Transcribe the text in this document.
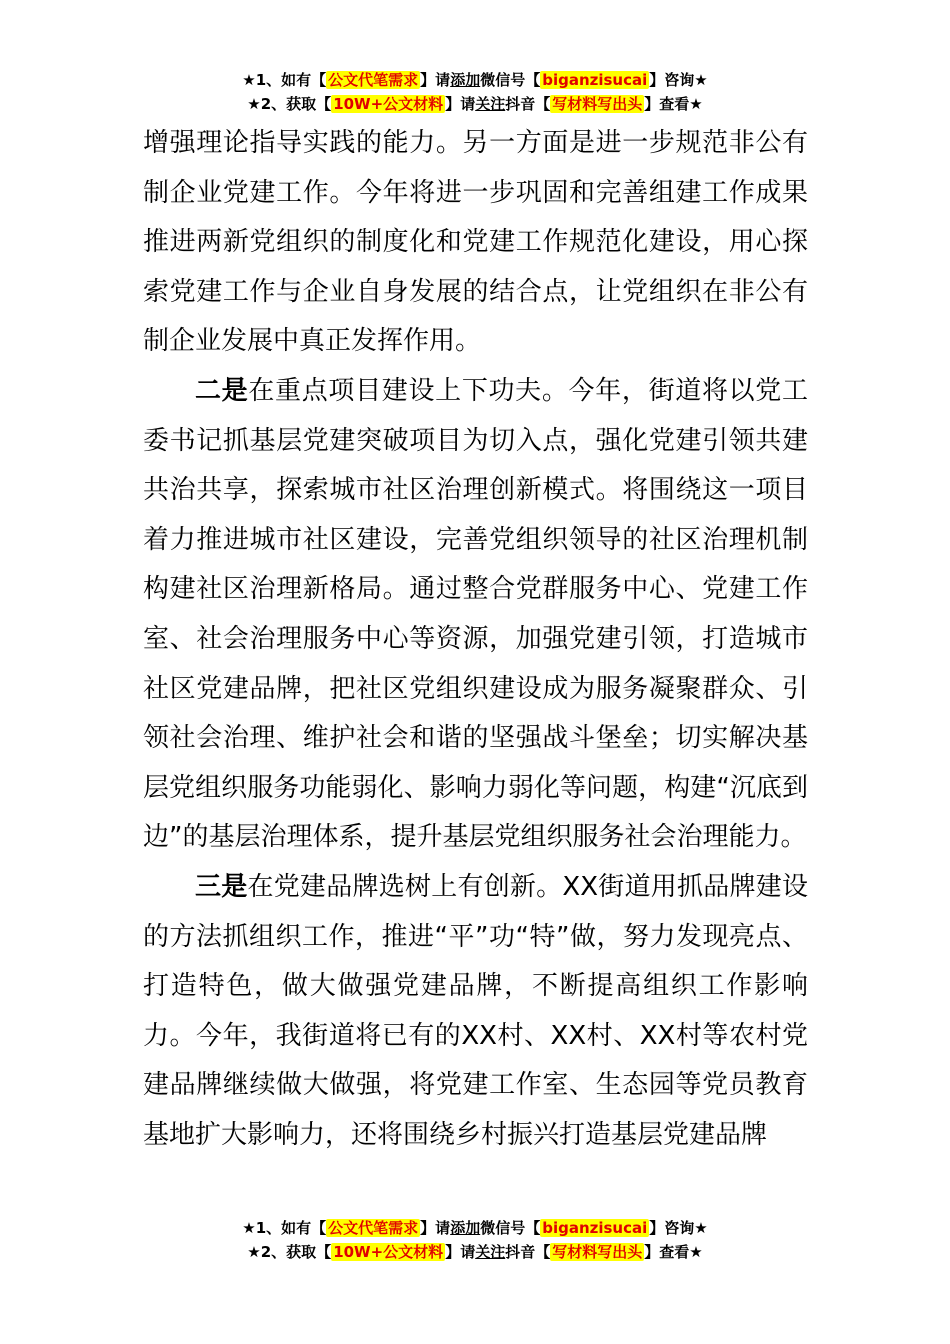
★1、如有【 公文代笔需求 】请添加微信号【 biganzisucai 】咨询★
★2、获取【 10W+公文材料 】请关注抖音【 写材料写出头 】查看★

增强理论指导实践的能力。另一方面是进一步规范非公有制企业党建工作。今年将进一步巩固和完善组建工作成果推进两新党组织的制度化和党建工作规范化建设，用心探索党建工作与企业自身发展的结合点，让党组织在非公有制企业发展中真正发挥作用。

二是在重点项目建设上下功夫。今年，街道将以党工委书记抓基层党建突破项目为切入点，强化党建引领共建共治共享，探索城市社区治理创新模式。将围绕这一项目着力推进城市社区建设，完善党组织领导的社区治理机制构建社区治理新格局。通过整合党群服务中心、党建工作室、社会治理服务中心等资源，加强党建引领，打造城市社区党建品牌，把社区党组织建设成为服务凝聚群众、引领社会治理、维护社会和谐的坚强战斗堡垒；切实解决基层党组织服务功能弱化、影响力弱化等问题，构建“沉底到边”的基层治理体系，提升基层党组织服务社会治理能力。

三是在党建品牌选树上有创新。XX街道用抓品牌建设的方法抓组织工作，推进“平”功“特”做，努力发现亮点、打造特色，做大做强党建品牌，不断提高组织工作影响力。今年，我街道将已有的XX村、XX村、XX村等农村党建品牌继续做大做强，将党建工作室、生态园等党员教育基地扩大影响力，还将围绕乡村振兴打造基层党建品牌

★1、如有【 公文代笔需求 】请添加微信号【 biganzisucai 】咨询★
★2、获取【 10W+公文材料 】请关注抖音【 写材料写出头 】查看★
